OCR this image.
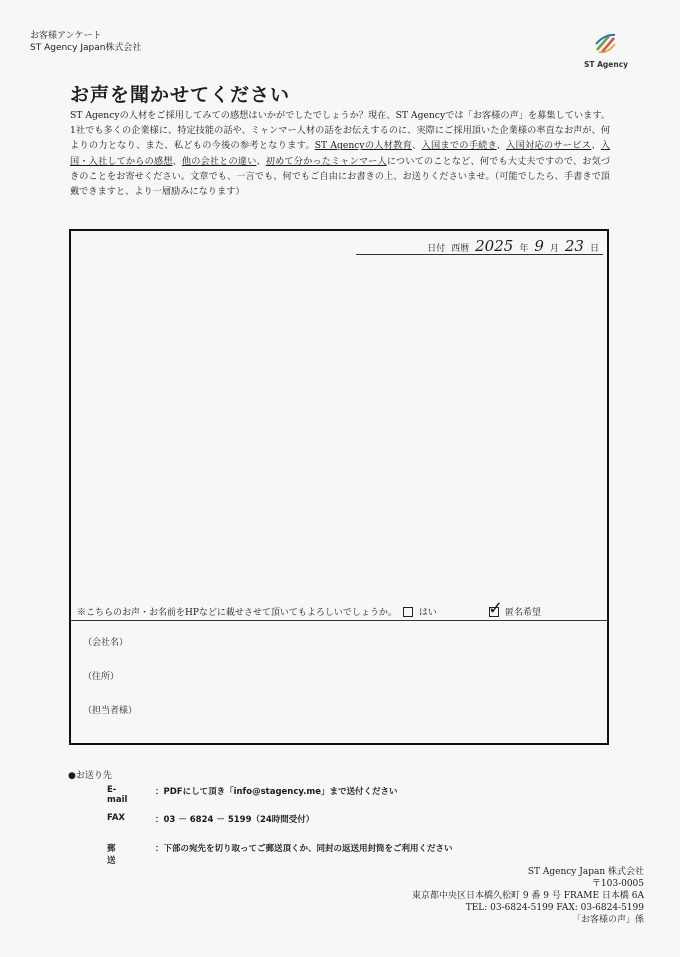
お客様アンケート
ST Agency Japan株式会社
ST Agency
お声を聞かせてください
ST Agencyの人材をご採用してみての感想はいかがでしたでしょうか？現在、ST Agencyでは「お客様の声」を募集しています。1社でも多くの企業様に、特定技能の話や、ミャンマー人材の話をお伝えするのに、実際にご採用頂いた企業様の率直なお声が、何よりの力となり、また、私どもの今後の参考となります。ST Agencyの人材教育、入国までの手続き、入国対応のサービス、入国・入社してからの感想、他の会社との違い、初めて分かったミャンマー人についてのことなど、何でも大丈夫ですので、お気づきのことをお寄せください。文章でも、一言でも、何でもご自由にお書きの上、お送りくださいませ。（可能でしたら、手書きで頂戴できますと、より一層励みになります）
日付 西暦 2025 年 9 月 23 日
※こちらのお声・お名前をHPなどに載せさせて頂いてもよろしいでしょうか。 はい	✓ 匿名希望
（会社名）
（住所）
（担当者様）
●お送り先
E-mail
：PDFにして頂き「info@stagency.me」まで送付ください
FAX	：03 － 6824 － 5199（24時間受付）
郵送
：下部の宛先を切り取ってご郵送頂くか、同封の返送用封筒をご利用ください
ST Agency Japan 株式会社
〒103-0005
東京都中央区日本橋久松町 9 番 9 号 FRAME 日本橋 6A
TEL: 03-6824-5199 FAX: 03-6824-5199
「お客様の声」係
